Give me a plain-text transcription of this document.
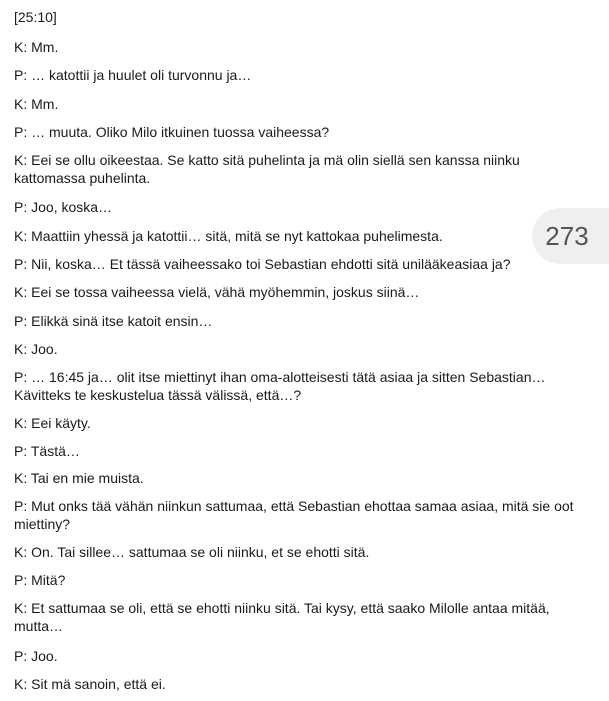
[25:10]
K: Mm.
P: … katottii ja huulet oli turvonnu ja…
K: Mm.
P: … muuta. Oliko Milo itkuinen tuossa vaiheessa?
K: Eei se ollu oikeestaa. Se katto sitä puhelinta ja mä olin siellä sen kanssa niinku kattomassa puhelinta.
P: Joo, koska…
K: Maattiin yhessä ja katottii… sitä, mitä se nyt kattokaa puhelimesta.
P: Nii, koska… Et tässä vaiheessako toi Sebastian ehdotti sitä unilääkeasiaa ja?
K: Eei se tossa vaiheessa vielä, vähä myöhemmin, joskus siinä…
P: Elikkä sinä itse katoit ensin…
K: Joo.
P: … 16:45 ja… olit itse miettinyt ihan oma-alotteisesti tätä asiaa ja sitten Sebastian… Kävitteks te keskustelua tässä välissä, että…?
K: Eei käyty.
P: Tästä…
K: Tai en mie muista.
P: Mut onks tää vähän niinkun sattumaa, että Sebastian ehottaa samaa asiaa, mitä sie oot miettiny?
K: On. Tai sillee… sattumaa se oli niinku, et se ehotti sitä.
P: Mitä?
K: Et sattumaa se oli, että se ehotti niinku sitä. Tai kysy, että saako Milolle antaa mitää, mutta…
P: Joo.
K: Sit mä sanoin, että ei.
273
